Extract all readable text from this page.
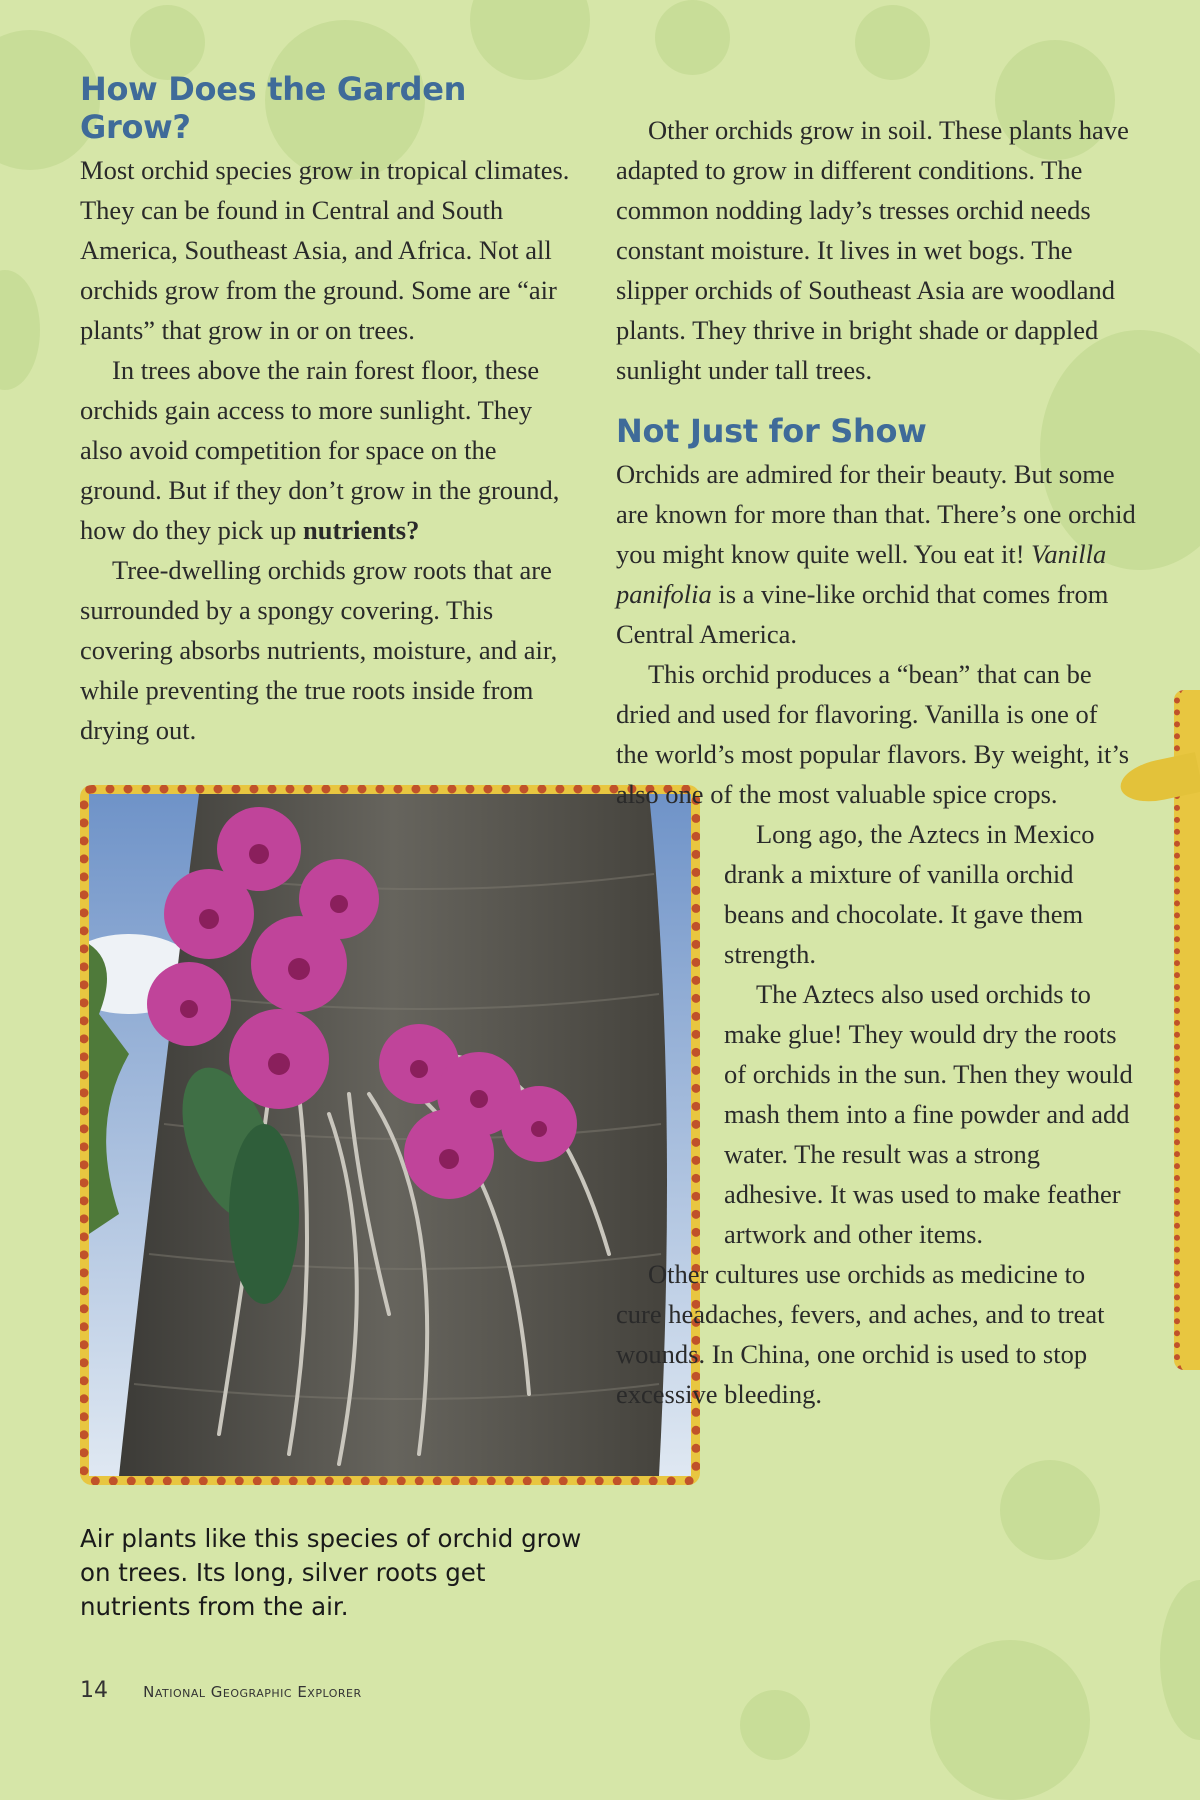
How Does the Garden Grow?

Most orchid species grow in tropical climates. They can be found in Central and South America, Southeast Asia, and Africa. Not all orchids grow from the ground. Some are “air plants” that grow in or on trees.

In trees above the rain forest floor, these orchids gain access to more sunlight. They also avoid competition for space on the ground. But if they don’t grow in the ground, how do they pick up nutrients?

Tree-dwelling orchids grow roots that are surrounded by a spongy covering. This covering absorbs nutrients, moisture, and air, while preventing the true roots inside from drying out.

Air plants like this species of orchid grow on trees. Its long, silver roots get nutrients from the air.

Other orchids grow in soil. These plants have adapted to grow in different conditions. The common nodding lady’s tresses orchid needs constant moisture. It lives in wet bogs. The slipper orchids of Southeast Asia are woodland plants. They thrive in bright shade or dappled sunlight under tall trees.

Not Just for Show

Orchids are admired for their beauty. But some are known for more than that. There’s one orchid you might know quite well. You eat it! Vanilla panifolia is a vine-like orchid that comes from Central America.

This orchid produces a “bean” that can be dried and used for flavoring. Vanilla is one of the world’s most popular flavors. By weight, it’s also one of the most valuable spice crops.

Long ago, the Aztecs in Mexico drank a mixture of vanilla orchid beans and chocolate. It gave them strength.

The Aztecs also used orchids to make glue! They would dry the roots of orchids in the sun. Then they would mash them into a fine powder and add water. The result was a strong adhesive. It was used to make feather artwork and other items.

Other cultures use orchids as medicine to cure headaches, fevers, and aches, and to treat wounds. In China, one orchid is used to stop excessive bleeding.

14 National Geographic Explorer
